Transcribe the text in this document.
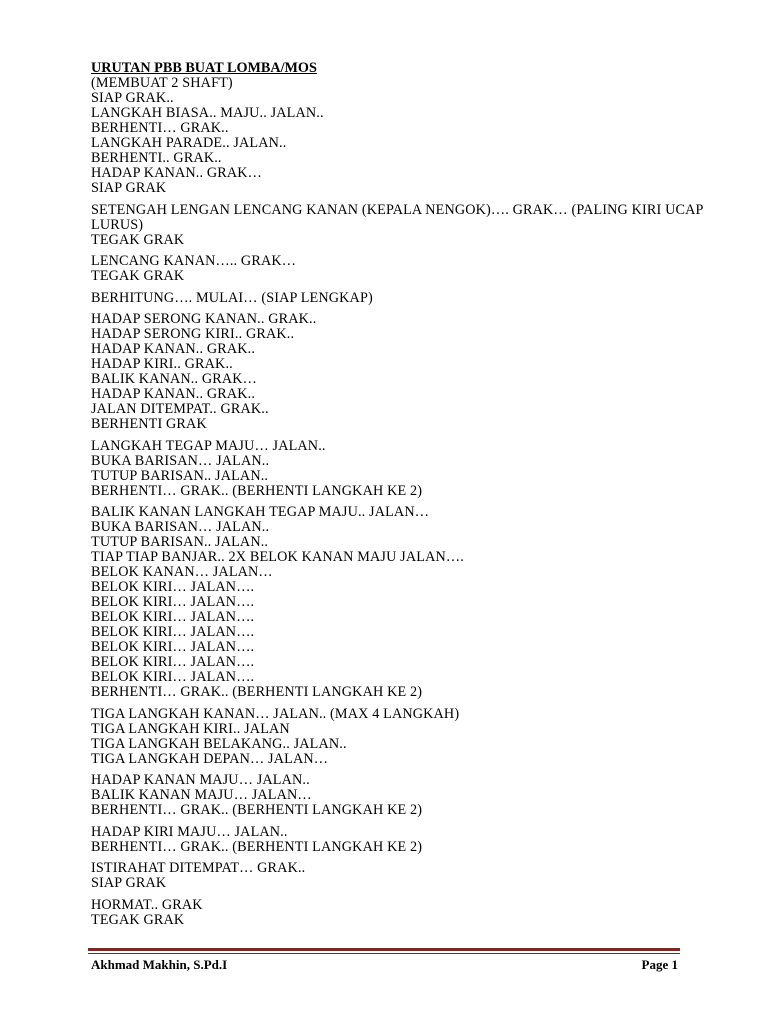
URUTAN PBB BUAT LOMBA/MOS
(MEMBUAT 2 SHAFT)
SIAP GRAK..
LANGKAH BIASA.. MAJU.. JALAN..
BERHENTI… GRAK..
LANGKAH PARADE.. JALAN..
BERHENTI.. GRAK..
HADAP KANAN.. GRAK…
SIAP GRAK
SETENGAH LENGAN LENCANG KANAN (KEPALA NENGOK)…. GRAK… (PALING KIRI UCAP LURUS)
TEGAK GRAK
LENCANG KANAN….. GRAK…
TEGAK GRAK
BERHITUNG…. MULAI… (SIAP LENGKAP)
HADAP SERONG KANAN.. GRAK..
HADAP SERONG KIRI.. GRAK..
HADAP KANAN.. GRAK..
HADAP KIRI.. GRAK..
BALIK KANAN.. GRAK…
HADAP KANAN.. GRAK..
JALAN DITEMPAT.. GRAK..
BERHENTI GRAK
LANGKAH TEGAP MAJU… JALAN..
BUKA BARISAN… JALAN..
TUTUP BARISAN.. JALAN..
BERHENTI… GRAK.. (BERHENTI LANGKAH KE 2)
BALIK KANAN LANGKAH TEGAP MAJU.. JALAN…
BUKA BARISAN… JALAN..
TUTUP BARISAN.. JALAN..
TIAP TIAP BANJAR.. 2X BELOK KANAN MAJU JALAN….
BELOK KANAN… JALAN…
BELOK KIRI… JALAN….
BELOK KIRI… JALAN….
BELOK KIRI… JALAN….
BELOK KIRI… JALAN….
BELOK KIRI… JALAN….
BELOK KIRI… JALAN….
BELOK KIRI… JALAN….
BERHENTI… GRAK.. (BERHENTI LANGKAH KE 2)
TIGA LANGKAH KANAN… JALAN.. (MAX 4 LANGKAH)
TIGA LANGKAH KIRI.. JALAN
TIGA LANGKAH BELAKANG.. JALAN..
TIGA LANGKAH DEPAN… JALAN…
HADAP KANAN MAJU… JALAN..
BALIK KANAN MAJU… JALAN…
BERHENTI… GRAK.. (BERHENTI LANGKAH KE 2)
HADAP KIRI MAJU… JALAN..
BERHENTI… GRAK.. (BERHENTI LANGKAH KE 2)
ISTIRAHAT DITEMPAT… GRAK..
SIAP GRAK
HORMAT.. GRAK
TEGAK GRAK
Akhmad Makhin, S.Pd.I	Page 1
